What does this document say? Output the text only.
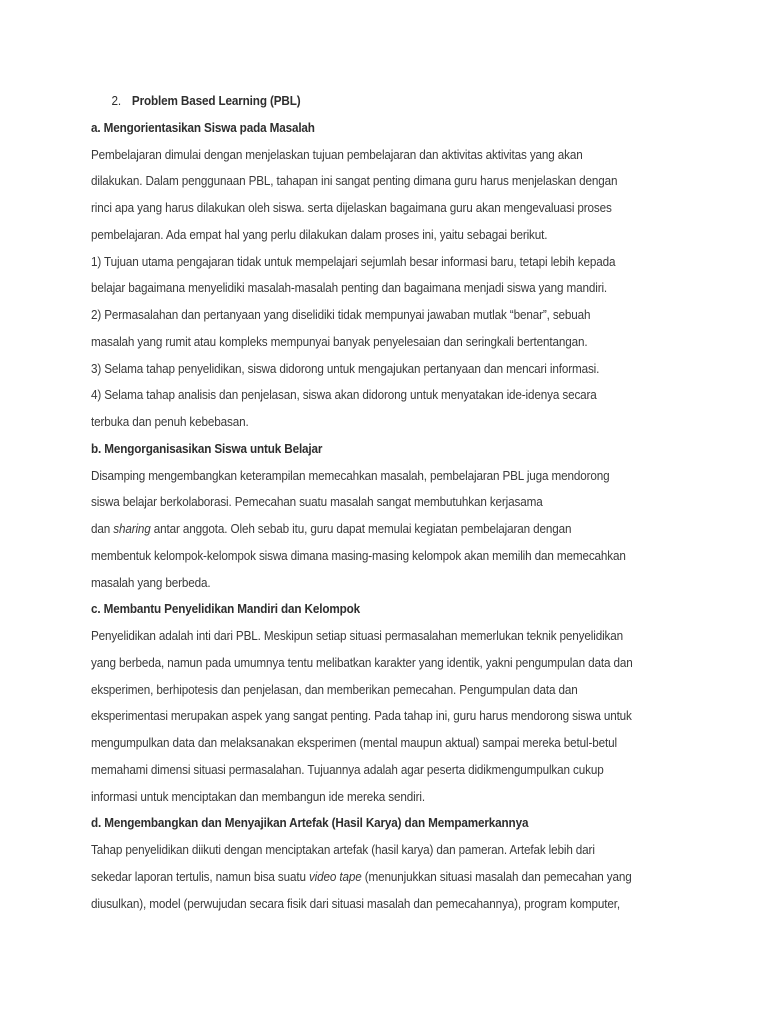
2. Problem Based Learning (PBL)
a. Mengorientasikan Siswa pada Masalah
Pembelajaran dimulai dengan menjelaskan tujuan pembelajaran dan aktivitas aktivitas yang akan
dilakukan. Dalam penggunaan PBL, tahapan ini sangat penting dimana guru harus menjelaskan dengan
rinci apa yang harus dilakukan oleh siswa. serta dijelaskan bagaimana guru akan mengevaluasi proses
pembelajaran. Ada empat hal yang perlu dilakukan dalam proses ini, yaitu sebagai berikut.
1) Tujuan utama pengajaran tidak untuk mempelajari sejumlah besar informasi baru, tetapi lebih kepada
belajar bagaimana menyelidiki masalah-masalah penting dan bagaimana menjadi siswa yang mandiri.
2) Permasalahan dan pertanyaan yang diselidiki tidak mempunyai jawaban mutlak “benar”, sebuah
masalah yang rumit atau kompleks mempunyai banyak penyelesaian dan seringkali bertentangan.
3) Selama tahap penyelidikan, siswa didorong untuk mengajukan pertanyaan dan mencari informasi.
4) Selama tahap analisis dan penjelasan, siswa akan didorong untuk menyatakan ide-idenya secara
terbuka dan penuh kebebasan.
b. Mengorganisasikan Siswa untuk Belajar
Disamping mengembangkan keterampilan memecahkan masalah, pembelajaran PBL juga mendorong
siswa belajar berkolaborasi. Pemecahan suatu masalah sangat membutuhkan kerjasama
dan sharing antar anggota. Oleh sebab itu, guru dapat memulai kegiatan pembelajaran dengan
membentuk kelompok-kelompok siswa dimana masing-masing kelompok akan memilih dan memecahkan
masalah yang berbeda.
c. Membantu Penyelidikan Mandiri dan Kelompok
Penyelidikan adalah inti dari PBL. Meskipun setiap situasi permasalahan memerlukan teknik penyelidikan
yang berbeda, namun pada umumnya tentu melibatkan karakter yang identik, yakni pengumpulan data dan
eksperimen, berhipotesis dan penjelasan, dan memberikan pemecahan. Pengumpulan data dan
eksperimentasi merupakan aspek yang sangat penting. Pada tahap ini, guru harus mendorong siswa untuk
mengumpulkan data dan melaksanakan eksperimen (mental maupun aktual) sampai mereka betul-betul
memahami dimensi situasi permasalahan. Tujuannya adalah agar peserta didikmengumpulkan cukup
informasi untuk menciptakan dan membangun ide mereka sendiri.
d. Mengembangkan dan Menyajikan Artefak (Hasil Karya) dan Mempamerkannya
Tahap penyelidikan diikuti dengan menciptakan artefak (hasil karya) dan pameran. Artefak lebih dari
sekedar laporan tertulis, namun bisa suatu video tape (menunjukkan situasi masalah dan pemecahan yang
diusulkan), model (perwujudan secara fisik dari situasi masalah dan pemecahannya), program komputer,
